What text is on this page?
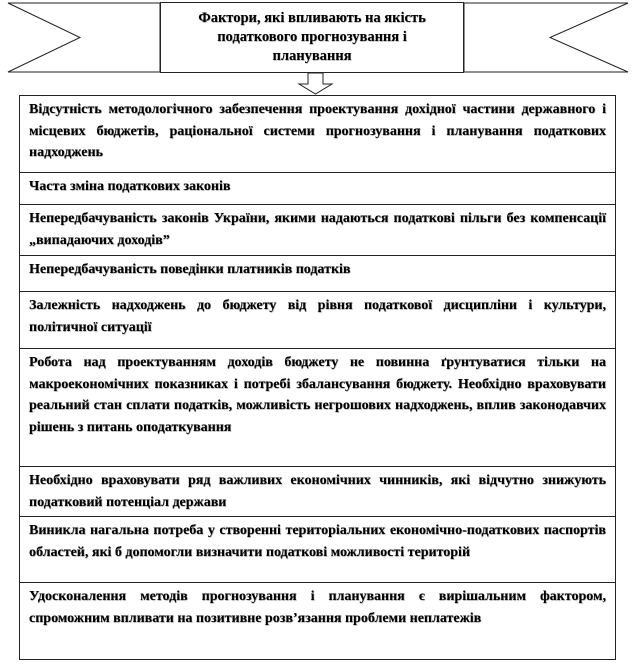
Фактори, які впливають на якість податкового прогнозування і планування
Відсутність методологічного забезпечення проектування дохідної частини державного і місцевих бюджетів, раціональної системи прогнозування і планування податкових надходжень
Часта зміна податкових законів
Непередбачуваність законів України, якими надаються податкові пільги без компенсації „випадаючих доходів”
Непередбачуваність поведінки платників податків
Залежність надходжень до бюджету від рівня податкової дисципліни і культури, політичної ситуації
Робота над проектуванням доходів бюджету не повинна ґрунтуватися тільки на макроекономічних показниках і потребі збалансування бюджету. Необхідно враховувати реальний стан сплати податків, можливість негрошових надходжень, вплив законодавчих рішень з питань оподаткування
Необхідно враховувати ряд важливих економічних чинників, які відчутно знижують податковий потенціал держави
Виникла нагальна потреба у створенні територіальних економічно-податкових паспортів областей, які б допомогли визначити податкові можливості територій
Удосконалення методів прогнозування і планування є вирішальним фактором, спроможним впливати на позитивне розв’язання проблеми неплатежів
